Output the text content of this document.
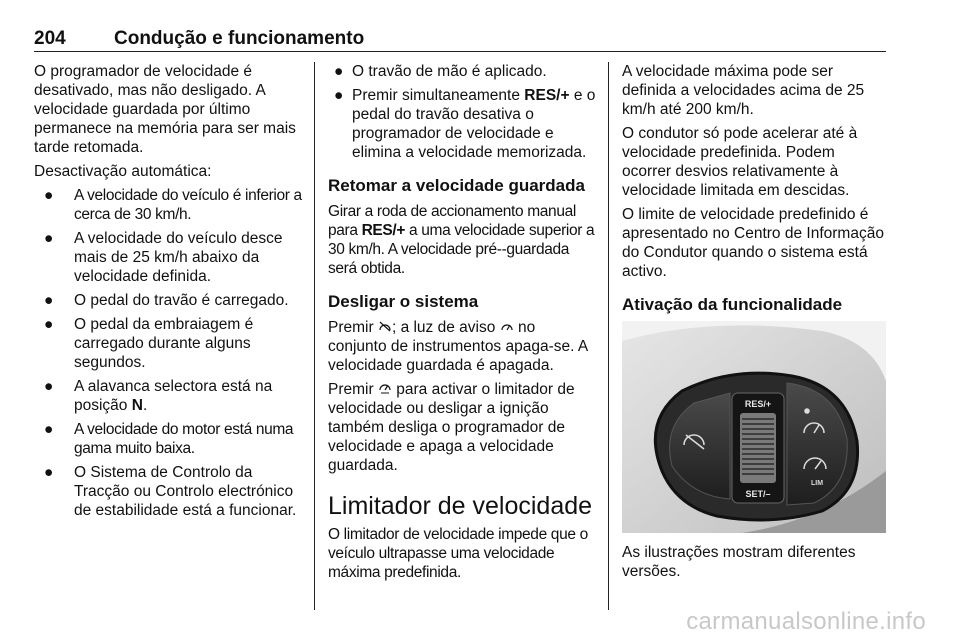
204	Condução e funcionamento

O programador de velocidade é desativado, mas não desligado. A velocidade guardada por último permanece na memória para ser mais tarde retomada.

Desactivação automática:

● A velocidade do veículo é inferior a cerca de 30 km/h.
● A velocidade do veículo desce mais de 25 km/h abaixo da velocidade definida.
● O pedal do travão é carregado.
● O pedal da embraiagem é carregado durante alguns segundos.
● A alavanca selectora está na posição N.
● A velocidade do motor está numa gama muito baixa.
● O Sistema de Controlo da Tracção ou Controlo electrónico de estabilidade está a funcionar.
● O travão de mão é aplicado.
● Premir simultaneamente RES/+ e o pedal do travão desativa o programador de velocidade e elimina a velocidade memorizada.
Retomar a velocidade guardada

Girar a roda de accionamento manual para RES/+ a uma velocidade superior a 30 km/h. A velocidade pré--guardada será obtida.

Desligar o sistema

Premir ; a luz de aviso  no conjunto de instrumentos apaga-se. A velocidade guardada é apagada.

Premir  para activar o limitador de velocidade ou desligar a ignição também desliga o programador de velocidade e apaga a velocidade guardada.

Limitador de velocidade

O limitador de velocidade impede que o veículo ultrapasse uma velocidade máxima predefinida.

A velocidade máxima pode ser definida a velocidades acima de 25 km/h até 200 km/h.

O condutor só pode acelerar até à velocidade predefinida. Podem ocorrer desvios relativamente à velocidade limitada em descidas.

O limite de velocidade predefinido é apresentado no Centro de Informação do Condutor quando o sistema está activo.

Ativação da funcionalidade
RES/+
SET/–
LIM

As ilustrações mostram diferentes versões.

carmanualsonline.info
